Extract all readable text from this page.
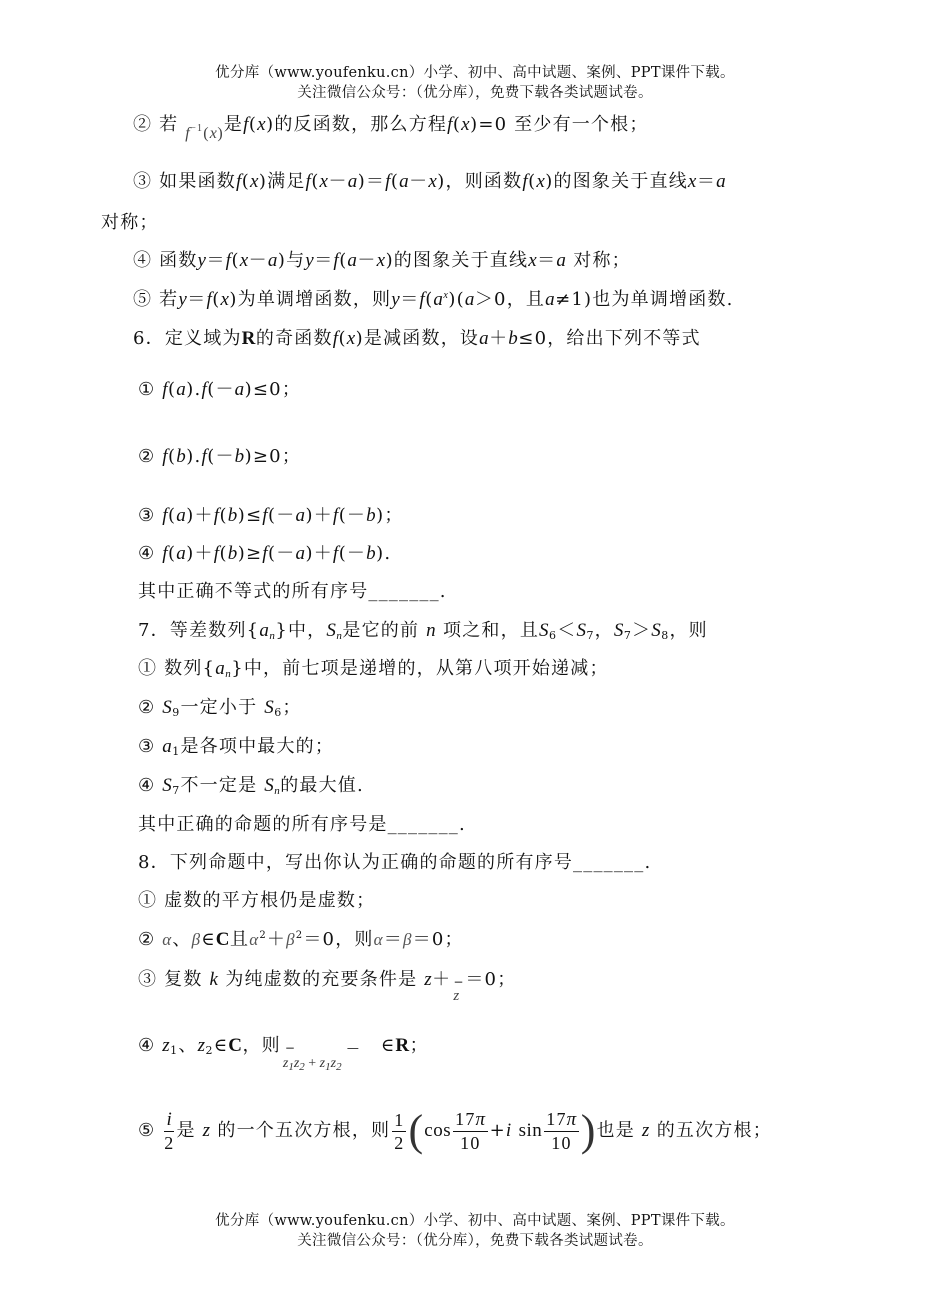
优分库（www.youfenku.cn）小学、初中、高中试题、案例、PPT课件下载。
关注微信公众号：（优分库），免费下载各类试题试卷。
② 若 $f^{-1}(x)$是f(x)的反函数，那么方程f(x)=0 至少有一个根；
③ 如果函数f(x)满足f(x－a)＝f(a－x)，则函数f(x)的图象关于直线x＝a
对称；
④ 函数y＝f(x－a)与y＝f(a－x)的图象关于直线x＝a 对称；
⑤ 若y＝f(x)为单调增函数，则$y=f(a^x)(a>0$，且a≠1)也为单调增函数.
6．定义域为R的奇函数f(x)是减函数，设a＋b≤0，给出下列不等式
① f(a).f(－a)≤0；
② f(b).f(－b)≥0；
③ f(a)＋f(b)≤f(－a)＋f(－b)；
④ f(a)＋f(b)≥f(－a)＋f(－b).
其中正确不等式的所有序号_______.
7．等差数列$\{a_n\}$中，$S_n$是它的前 n 项之和，且$S_6<S_7$，$S_7>S_8$，则
① 数列$\{a_n\}$中，前七项是递增的，从第八项开始递减；
② $S_9$一定小于 $S_6$；
③ $a_1$是各项中最大的；
④ $S_7$不一定是 $S_n$的最大值.
其中正确的命题的所有序号是_______.
8．下列命题中，写出你认为正确的命题的所有序号_______.
① 虚数的平方根仍是虚数；
② α、β∈C且$\alpha^2+\beta^2=0$，则α＝β＝0；
③ 复数 k 为纯虚数的充要条件是 z＋ −
z
＝0；
④ $z_1$、$z_2\in C$，则 −	—
$z_1z_2 + z_1z_2$
∈R；
⑤ $\frac{i}{2}$ 是 z 的一个五次方根，则 $\frac{1}{2} (\cos \frac{17\pi}{10} +i$ $\sin \frac{17\pi}{10}$ )也是 z 的五次方根；
优分库（www.youfenku.cn）小学、初中、高中试题、案例、PPT课件下载。
关注微信公众号：（优分库），免费下载各类试题试卷。
